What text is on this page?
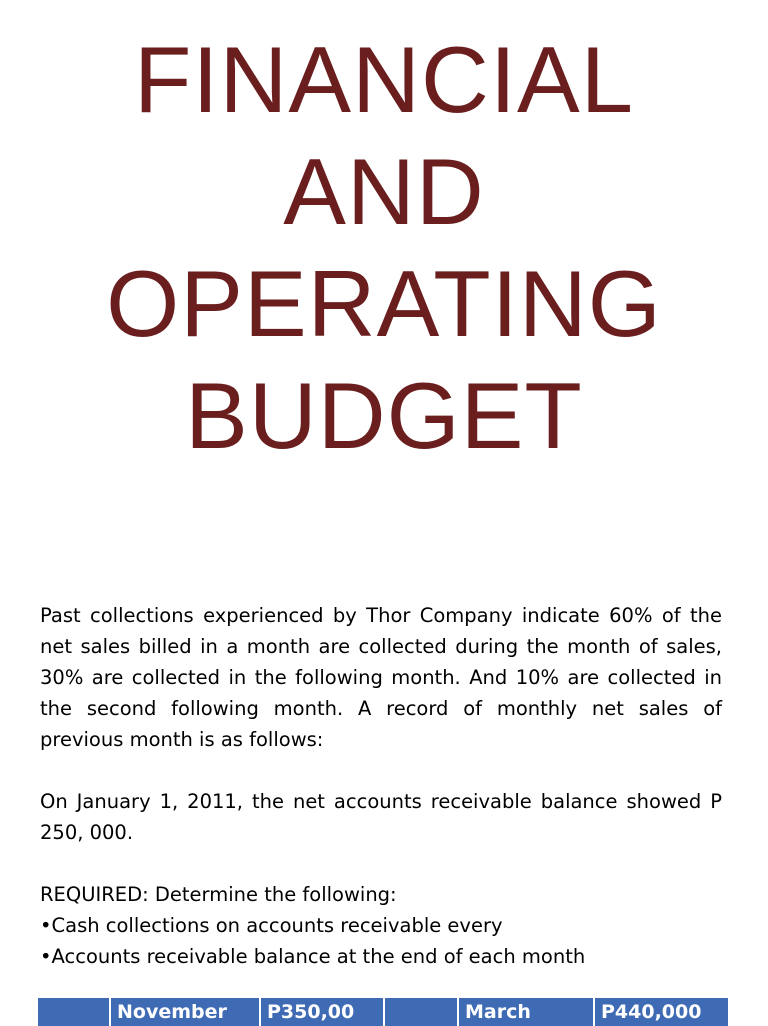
FINANCIAL
AND
OPERATING
BUDGET

Past collections experienced by Thor Company indicate 60% of the net sales billed in a month are collected during the month of sales, 30% are collected in the following month. And 10% are collected in the second following month. A record of monthly net sales of previous month is as follows:

On January 1, 2011, the net accounts receivable balance showed P 250, 000.

REQUIRED: Determine the following:

•Cash collections on accounts receivable every

•Accounts receivable balance at the end of each month

	November	P350,00		March	P440,000
